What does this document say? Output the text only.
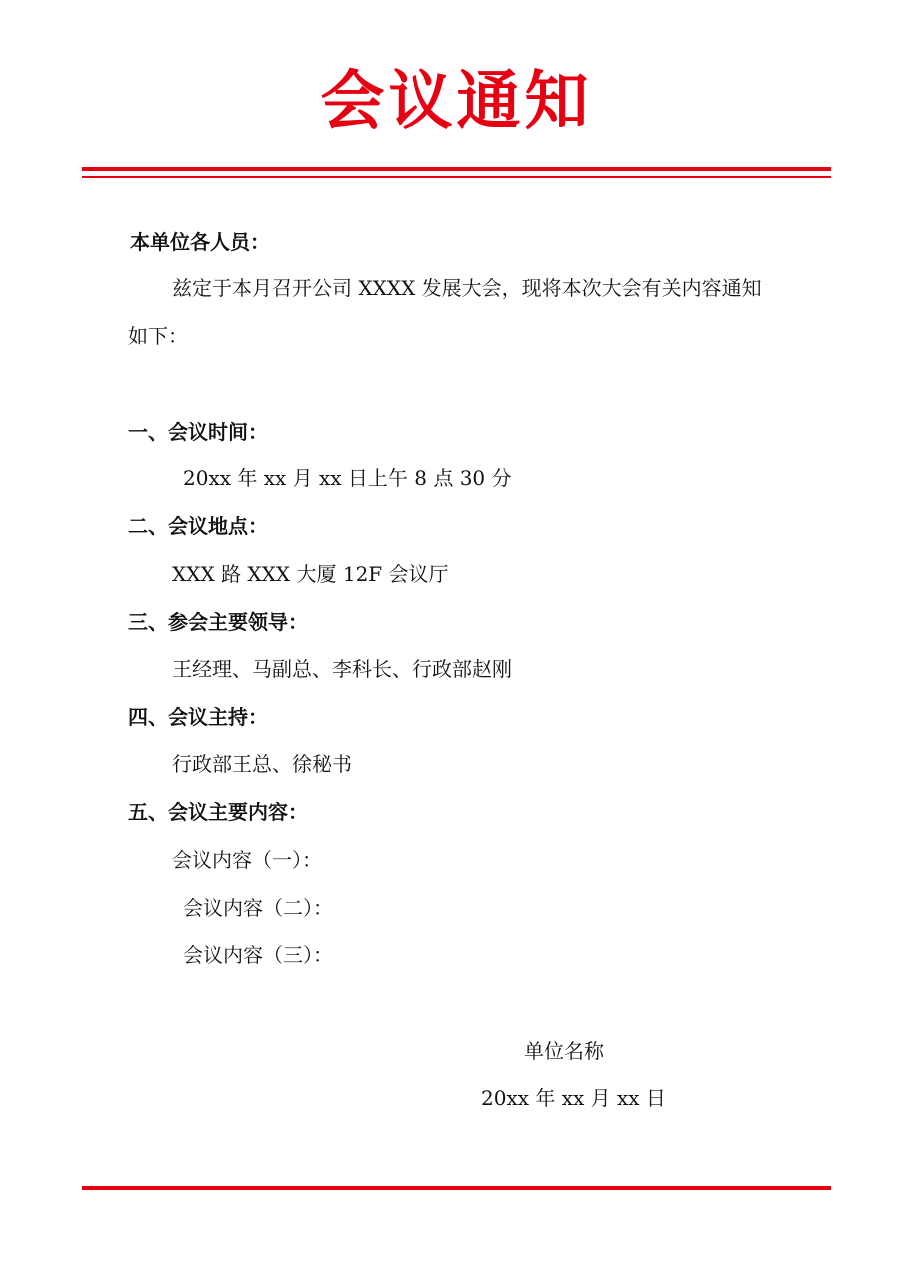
会议通知
本单位各人员：
兹定于本月召开公司 XXXX 发展大会，现将本次大会有关内容通知
如下：
一、会议时间：
20xx 年 xx 月 xx 日上午 8 点 30 分
二、会议地点：
XXX 路 XXX 大厦 12F 会议厅
三、参会主要领导：
王经理、马副总、李科长、行政部赵刚
四、会议主持：
行政部王总、徐秘书
五、会议主要内容：
会议内容（一）：
会议内容（二）：
会议内容（三）：
单位名称
20xx 年 xx 月 xx 日
